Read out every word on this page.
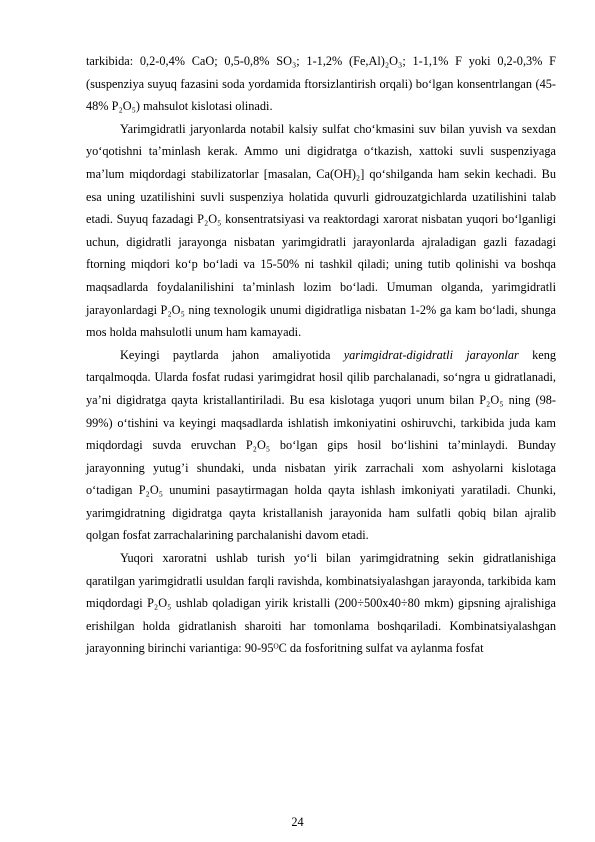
tarkibida: 0,2-0,4% CaO; 0,5-0,8% SO₃; 1-1,2% (Fe,Al)₂O₃; 1-1,1% F yoki 0,2-0,3% F (suspenziya suyuq fazasini soda yordamida ftorsizlantirish orqali) bo‘lgan konsentrlangan (45-48% P₂O₅) mahsulot kislotasi olinadi.

Yarimgidratli jaryonlarda notabil kalsiy sulfat cho‘kmasini suv bilan yuvish va sexdan yo‘qotishni ta’minlash kerak. Ammo uni digidratga o‘tkazish, xattoki suvli suspenziyaga ma’lum miqdordagi stabilizatorlar [masalan, Ca(OH)₂] qo‘shilganda ham sekin kechadi. Bu esa uning uzatilishini suvli suspenziya holatida quvurli gidrouzatgichlarda uzatilishini talab etadi. Suyuq fazadagi P₂O₅ konsentratsiyasi va reaktordagi xarorat nisbatan yuqori bo‘lganligi uchun, digidratli jarayonga nisbatan yarimgidratli jarayonlarda ajraladigan gazli fazadagi ftorning miqdori ko‘p bo‘ladi va 15-50% ni tashkil qiladi; uning tutib qolinishi va boshqa maqsadlarda foydalanilishini ta’minlash lozim bo‘ladi. Umuman olganda, yarimgidratli jarayonlardagi P₂O₅ ning texnologik unumi digidratliga nisbatan 1-2% ga kam bo‘ladi, shunga mos holda mahsulotli unum ham kamayadi.

Keyingi paytlarda jahon amaliyotida yarimgidrat-digidratli jarayonlar keng tarqalmoqda. Ularda fosfat rudasi yarimgidrat hosil qilib parchalanadi, so‘ngra u gidratlanadi, ya’ni digidratga qayta kristallantiriladi. Bu esa kislotaga yuqori unum bilan P₂O₅ ning (98-99%) o‘tishini va keyingi maqsadlarda ishlatish imkoniyatini oshiruvchi, tarkibida juda kam miqdordagi suvda eruvchan P₂O₅ bo‘lgan gips hosil bo‘lishini ta’minlaydi. Bunday jarayonning yutug’i shundaki, unda nisbatan yirik zarrachali xom ashyolarni kislotaga o‘tadigan P₂O₅ unumini pasaytirmagan holda qayta ishlash imkoniyati yaratiladi. Chunki, yarimgidratning digidratga qayta kristallanish jarayonida ham sulfatli qobiq bilan ajralib qolgan fosfat zarrachalarining parchalanishi davom etadi.

Yuqori xaroratni ushlab turish yo‘li bilan yarimgidratning sekin gidratlanishiga qaratilgan yarimgidratli usuldan farqli ravishda, kombinatsiyalashgan jarayonda, tarkibida kam miqdordagi P₂O₅ ushlab qoladigan yirik kristalli (200÷500x40÷80 mkm) gipsning ajralishiga erishilgan holda gidratlanish sharoiti har tomonlama boshqariladi. Kombinatsiyalashgan jarayonning birinchi variantiga: 90-95ᴼC da fosforitning sulfat va aylanma fosfat

24
